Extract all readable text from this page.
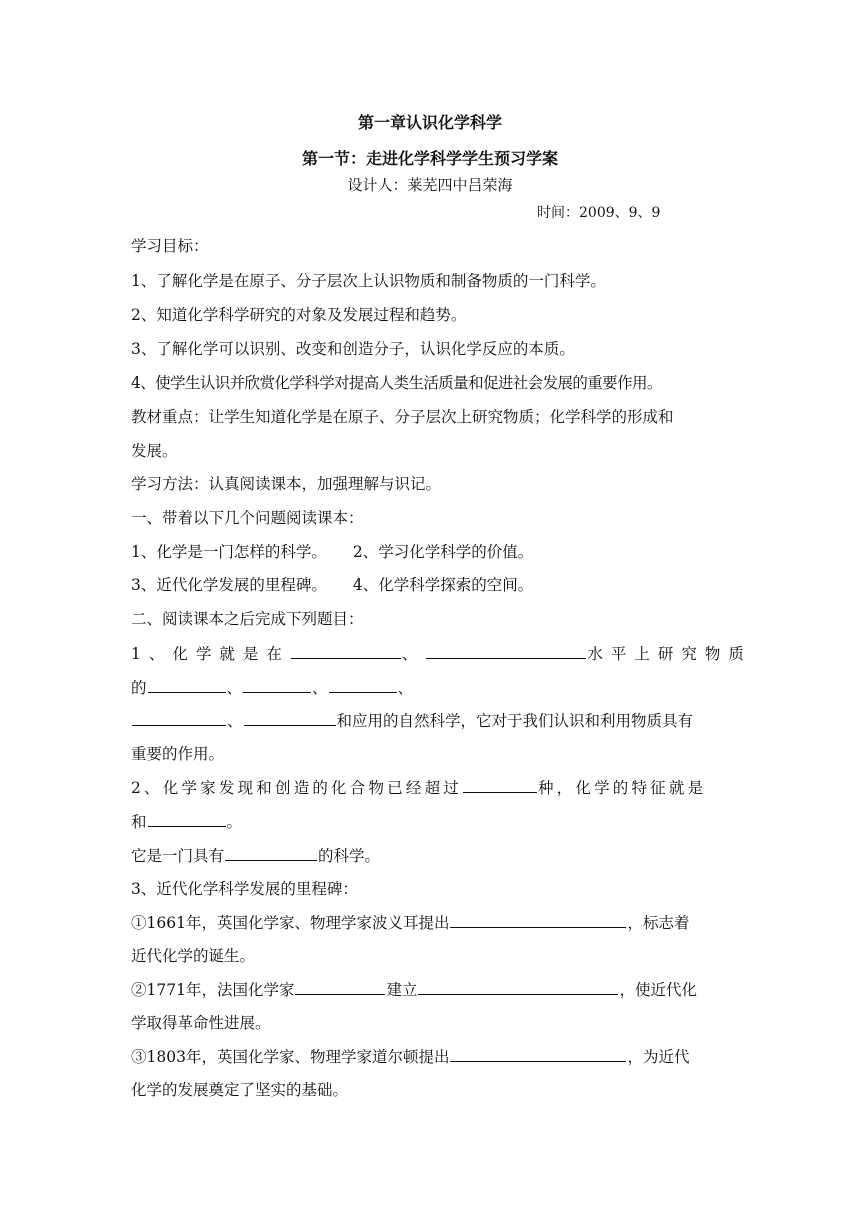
第一章认识化学科学
第一节：走进化学科学学生预习学案
设计人：莱芜四中吕荣海
时间：2009、9、9
学习目标：
1、了解化学是在原子、分子层次上认识物质和制备物质的一门科学。
2、知道化学科学研究的对象及发展过程和趋势。
3、了解化学可以识别、改变和创造分子，认识化学反应的本质。
4、使学生认识并欣赏化学科学对提高人类生活质量和促进社会发展的重要作用。
教材重点：让学生知道化学是在原子、分子层次上研究物质；化学科学的形成和
发展。
学习方法：认真阅读课本，加强理解与识记。
一、带着以下几个问题阅读课本：
1、化学是一门怎样的科学。 2、学习化学科学的价值。
3、近代化学发展的里程碑。 4、化学科学探索的空间。
二、阅读课本之后完成下列题目：
1、化学就是在	、	水平上研究物质
的	、	、	、
、	和应用的自然科学，它对于我们认识和利用物质具有
重要的作用。
2、化学家发现和创造的化合物已经超过	种，化学的特征就是
和	。
它是一门具有	的科学。
3、近代化学科学发展的里程碑：
①1661年，英国化学家、物理学家波义耳提出	，标志着
近代化学的诞生。
②1771年，法国化学家	建立	，使近代化
学取得革命性进展。
③1803年，英国化学家、物理学家道尔顿提出	，为近代
化学的发展奠定了坚实的基础。
